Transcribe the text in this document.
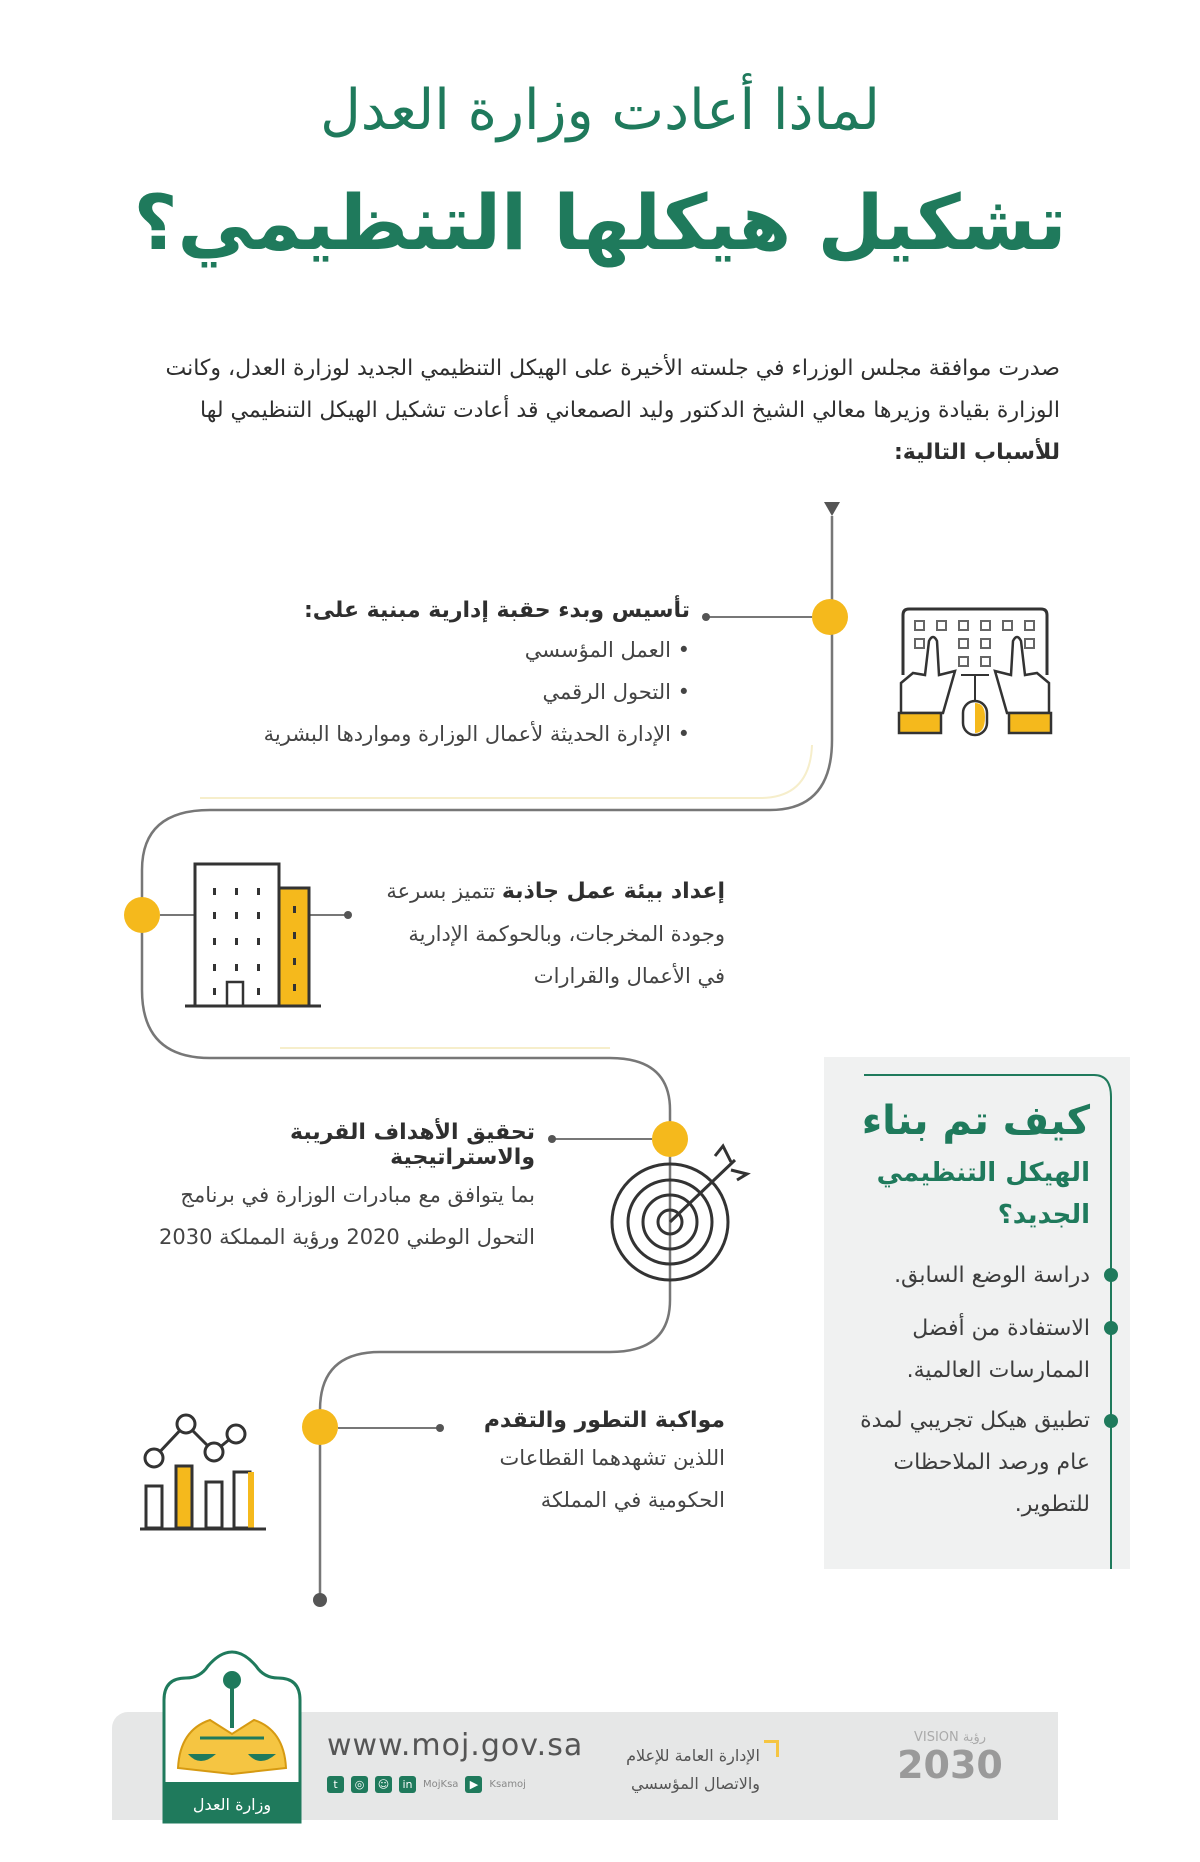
لماذا أعادت وزارة العدل
تشكيل هيكلها التنظيمي؟
صدرت موافقة مجلس الوزراء في جلسته الأخيرة على الهيكل التنظيمي الجديد لوزارة العدل، وكانت الوزارة بقيادة وزيرها معالي الشيخ الدكتور وليد الصمعاني قد أعادت تشكيل الهيكل التنظيمي لها للأسباب التالية:
تأسيس وبدء حقبة إدارية مبنية على:
• العمل المؤسسي
• التحول الرقمي
• الإدارة الحديثة لأعمال الوزارة ومواردها البشرية
إعداد بيئة عمل جاذبة تتميز بسرعة وجودة المخرجات، وبالحوكمة الإدارية في الأعمال والقرارات
تحقيق الأهداف القريبة والاستراتيجية
بما يتوافق مع مبادرات الوزارة في برنامج التحول الوطني 2020 ورؤية المملكة 2030
مواكبة التطور والتقدم
اللذين تشهدهما القطاعات الحكومية في المملكة
كيف تم بناء
الهيكل التنظيمي الجديد؟
دراسة الوضع السابق.
الاستفادة من أفضل الممارسات العالمية.
تطبيق هيكل تجريبي لمدة عام ورصد الملاحظات للتطوير.
وزارة العدل
www.moj.gov.sa
t	◎	☺	in	MojKsa	▶	Ksamoj
الإدارة العامة للإعلام والاتصال المؤسسي
VISION رؤية
2030
